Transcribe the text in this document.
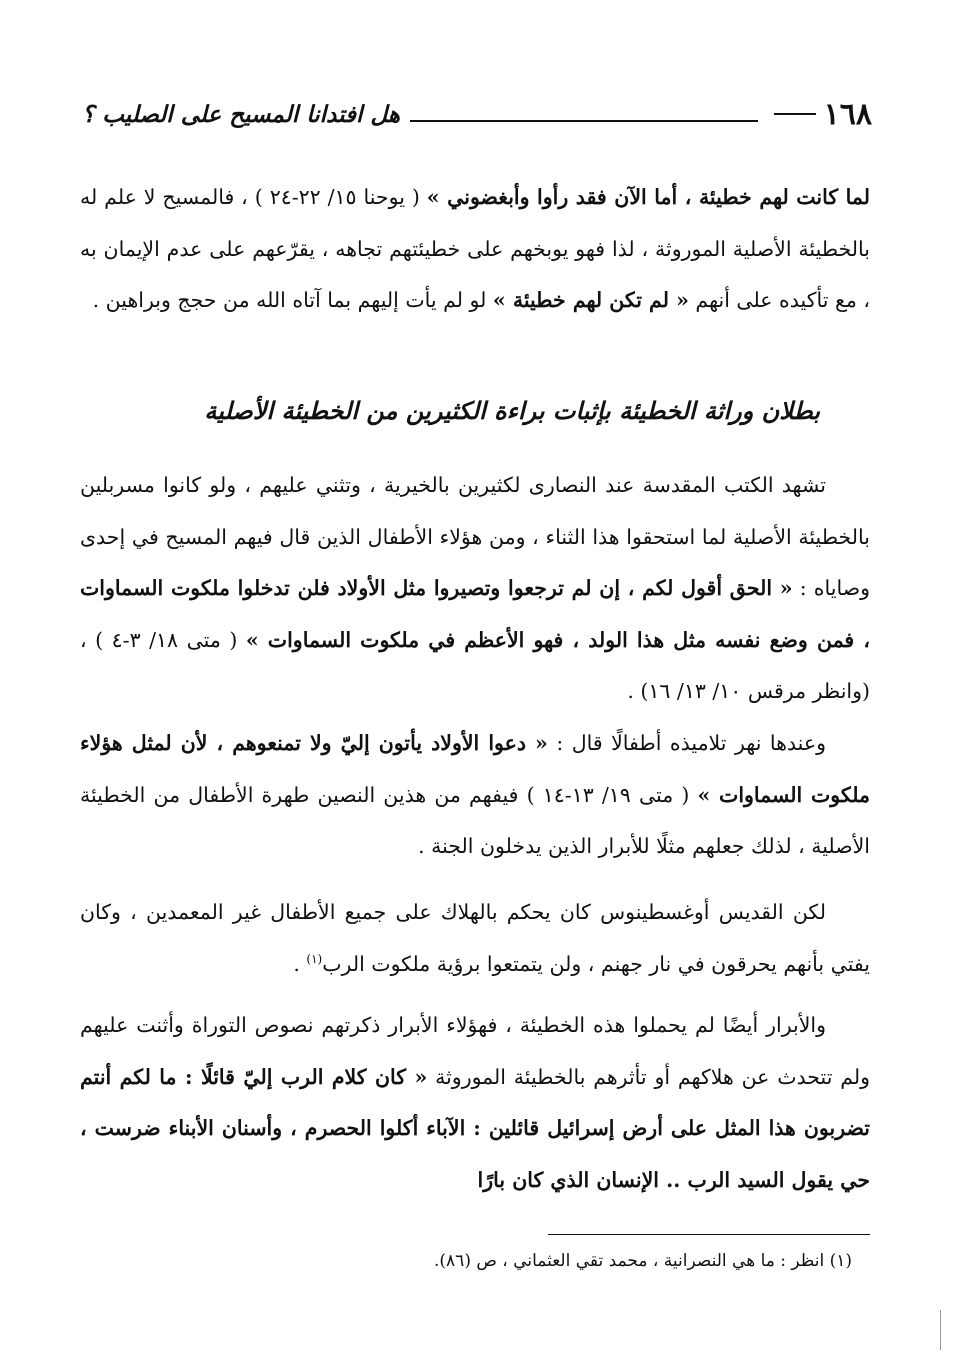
١٦٨
هل افتدانا المسيح على الصليب ؟
لما كانت لهم خطيئة ، أما الآن فقد رأوا وأبغضوني » ( يوحنا ١٥/ ٢٢-٢٤ ) ، فالمسيح لا علم له بالخطيئة الأصلية الموروثة ، لذا فهو يوبخهم على خطيئتهم تجاهه ، يقرّعهم على عدم الإيمان به ، مع تأكيده على أنهم « لم تكن لهم خطيئة » لو لم يأت إليهم بما آتاه الله من حجج وبراهين .
بطلان وراثة الخطيئة بإثبات براءة الكثيرين من الخطيئة الأصلية
تشهد الكتب المقدسة عند النصارى لكثيرين بالخيرية ، وتثني عليهم ، ولو كانوا مسربلين بالخطيئة الأصلية لما استحقوا هذا الثناء ، ومن هؤلاء الأطفال الذين قال فيهم المسيح في إحدى وصاياه : « الحق أقول لكم ، إن لم ترجعوا وتصيروا مثل الأولاد فلن تدخلوا ملكوت السماوات ، فمن وضع نفسه مثل هذا الولد ، فهو الأعظم في ملكوت السماوات » ( متى ١٨/ ٣-٤ ) ، (وانظر مرقس ١٠/ ١٣/ ١٦) .
وعندها نهر تلاميذه أطفالًا قال : « دعوا الأولاد يأتون إليّ ولا تمنعوهم ، لأن لمثل هؤلاء ملكوت السماوات » ( متى ١٩/ ١٣-١٤ ) فيفهم من هذين النصين طهرة الأطفال من الخطيئة الأصلية ، لذلك جعلهم مثلًا للأبرار الذين يدخلون الجنة .
لكن القديس أوغسطينوس كان يحكم بالهلاك على جميع الأطفال غير المعمدين ، وكان يفتي بأنهم يحرقون في نار جهنم ، ولن يتمتعوا برؤية ملكوت الرب$^{(١)}$ .
والأبرار أيضًا لم يحملوا هذه الخطيئة ، فهؤلاء الأبرار ذكرتهم نصوص التوراة وأثنت عليهم ولم تتحدث عن هلاكهم أو تأثرهم بالخطيئة الموروثة « كان كلام الرب إليّ قائلًا : ما لكم أنتم تضربون هذا المثل على أرض إسرائيل قائلين : الآباء أكلوا الحصرم ، وأسنان الأبناء ضرست ، حي يقول السيد الرب .. الإنسان الذي كان بارًا
(١) انظر : ما هي النصرانية ، محمد تقي العثماني ، ص (٨٦).
